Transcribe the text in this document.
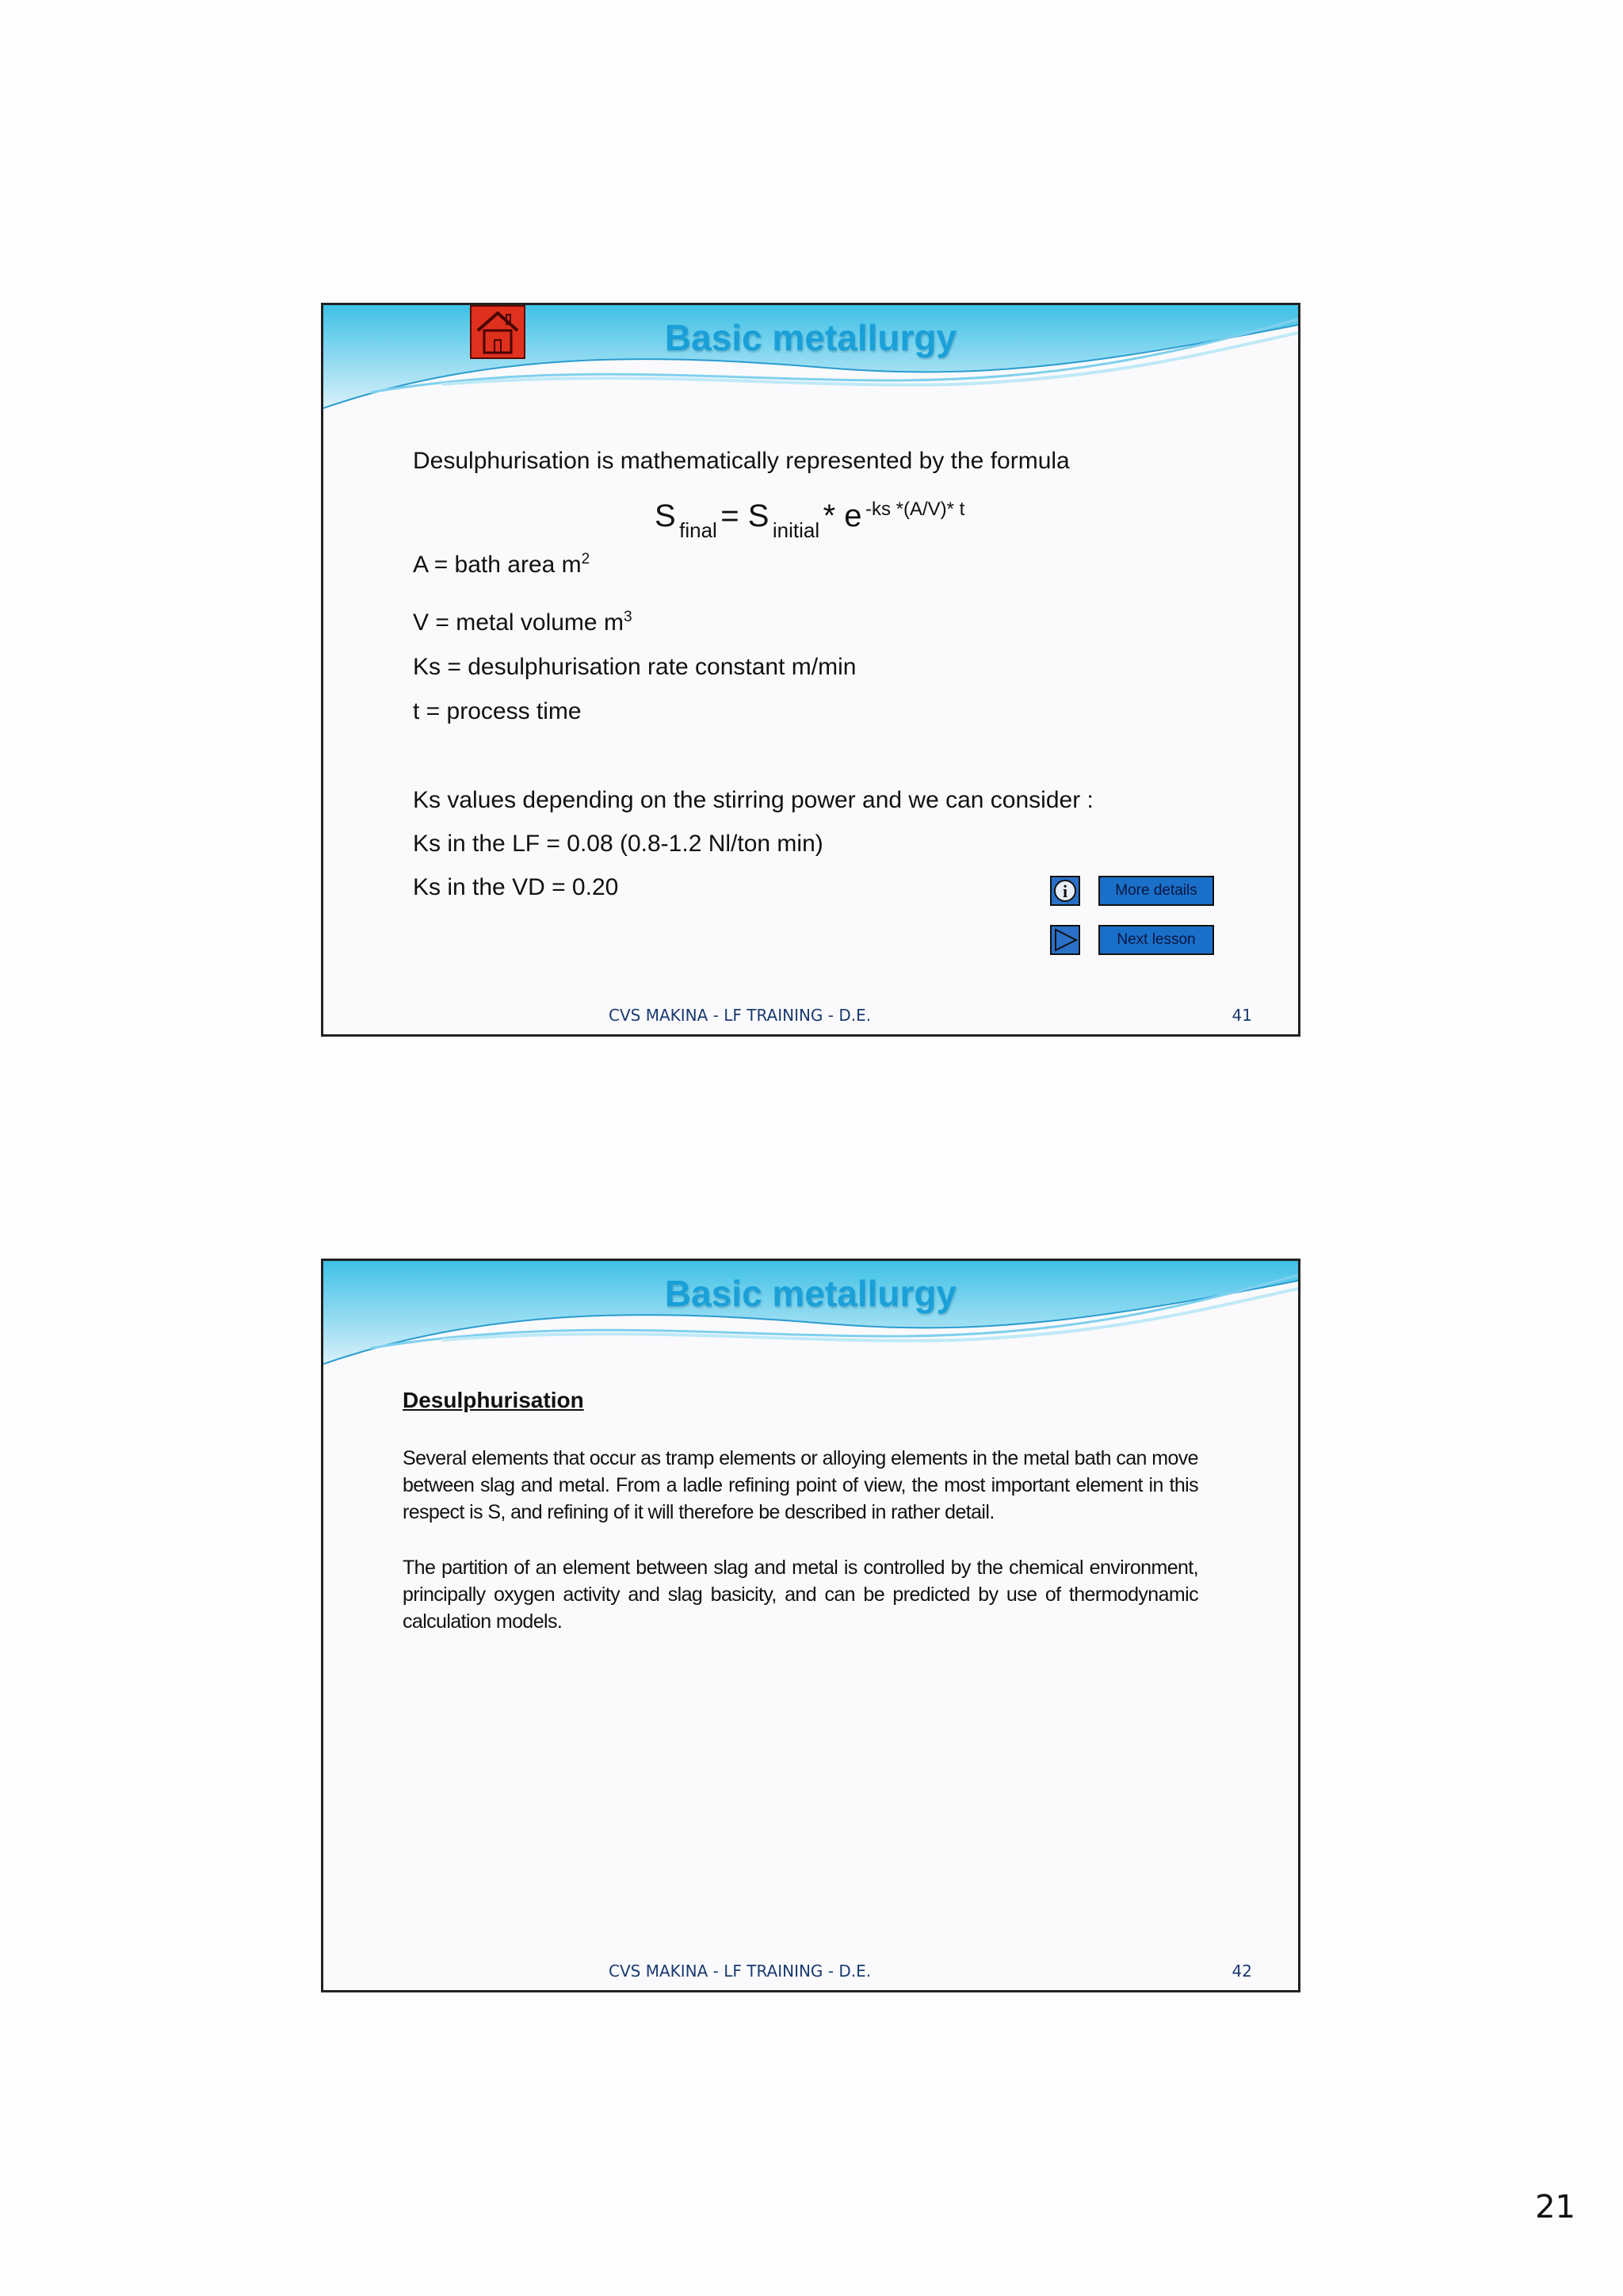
Basic metallurgy
Desulphurisation is mathematically represented by the formula
S final = S initial * e -ks *(A/V)* t
A = bath area $m^2$
V = metal volume $m^3$
Ks = desulphurisation rate constant m/min
t = process time
Ks values depending on the stirring power and we can consider :
Ks in the LF = 0.08 (0.8-1.2 Nl/ton min)
Ks in the VD = 0.20	i	More details
Next lesson
CVS MAKINA - LF TRAINING - D.E.	41
Basic metallurgy
Desulphurisation
Several elements that occur as tramp elements or alloying elements in the metal bath can move between slag and metal. From a ladle refining point of view, the most important element in this respect is S, and refining of it will therefore be described in rather detail.
The partition of an element between slag and metal is controlled by the chemical environment, principally oxygen activity and slag basicity, and can be predicted by use of thermodynamic calculation models.
CVS MAKINA - LF TRAINING - D.E.	42
21
